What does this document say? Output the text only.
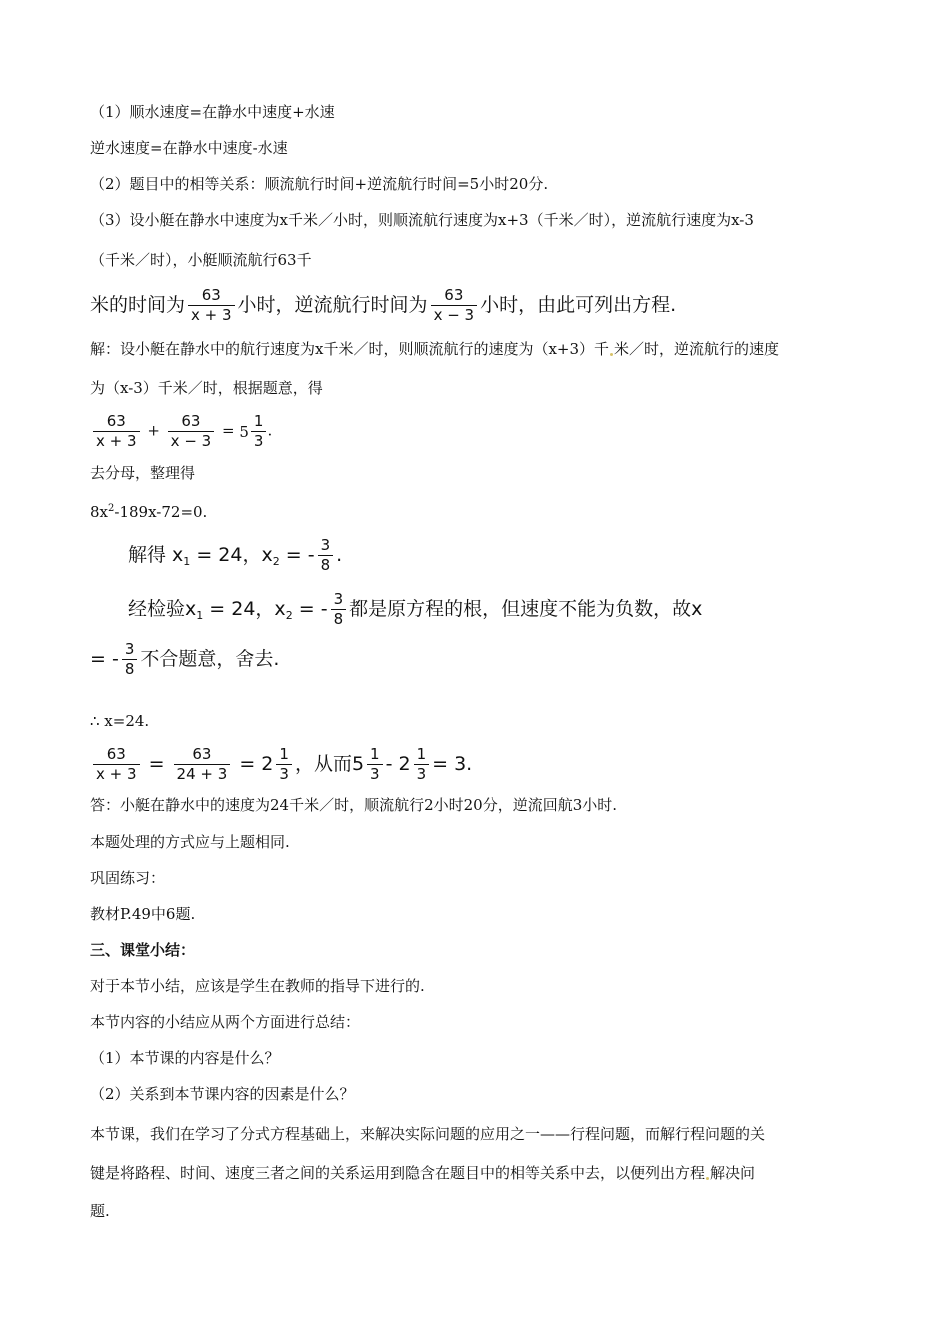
（1）顺水速度=在静水中速度+水速
逆水速度=在静水中速度-水速
（2）题目中的相等关系：顺流航行时间+逆流航行时间=5小时20分.
（3）设小艇在静水中速度为x千米／小时，则顺流航行速度为x+3（千米／时），逆流航行速度为x-3
（千米／时），小艇顺流航行63千
米的时间为 $\frac{63}{x + 3}$ 小时，逆流航行时间为 $\frac{63}{x - 3}$ 小时，由此可列出方程.
解：设小艇在静水中的航行速度为x千米／时，则顺流航行的速度为（x+3）千 米／时，逆流航行的速度
为（x-3）千米／时，根据题意，得
$\frac{63}{x + 3} + \frac{63}{x - 3} = 5 \frac{1}{3}$ .
去分母，整理得
$8x^2-189x-72=0$.
解得 $x_1 = 24$，$x_2$ = - $\frac{3}{8}$ .
经检验$x_1 = 24$，$x_2$ = - $\frac{3}{8}$ 都是原方程的根，但速度不能为负数，故x
= - $\frac{3}{8}$ 不合题意，舍去.
∴ x=24.
$\frac{63}{x + 3} = \frac{63}{24 + 3} = 2 \frac{1}{3}$ ，从而$5 \frac{1}{3} - 2 \frac{1}{3} = 3$.
答：小艇在静水中的速度为24千米／时，顺流航行2小时20分，逆流回航3小时.
本题处理的方式应与上题相同.
巩固练习：
教材P.49中6题.
三、课堂小结：
对于本节小结，应该是学生在教师的指导下进行的.
本节内容的小结应从两个方面进行总结：
（1）本节课的内容是什么？
（2）关系到本节课内容的因素是什么？
本节课，我们在学习了分式方程基础上，来解决实际问题的应用之一——行程问题，而解行程问题的关
键是将路程、时间、速度三者之间的关系运用到隐含在题目中的相等关系中去，以便列出方程 解决问
题.
